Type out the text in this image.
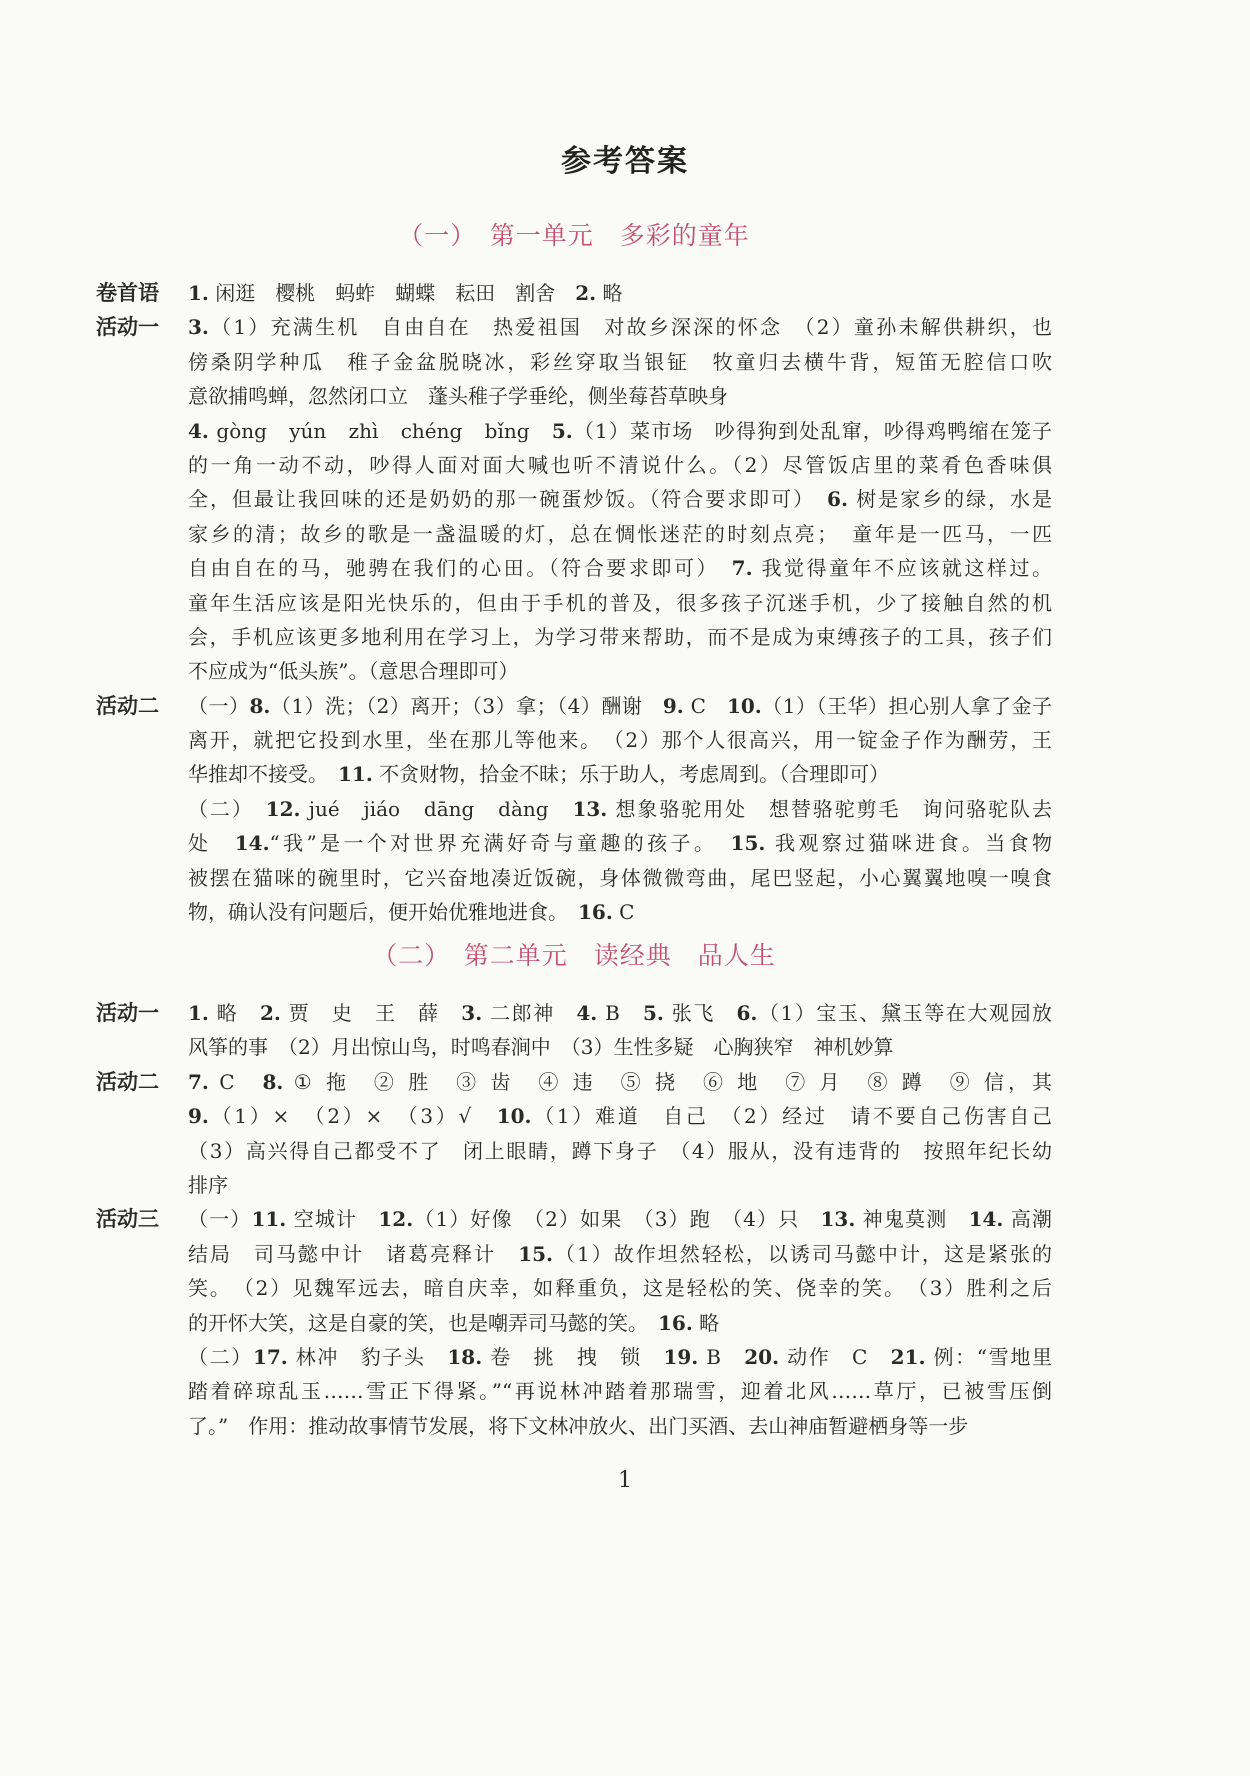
参考答案
（一）　第一单元　多彩的童年
卷首语	1. 闲逛　樱桃　蚂蚱　蝴蝶　耘田　割舍　2. 略
活动一	3.（1）充满生机　自由自在　热爱祖国　对故乡深深的怀念　（2）童孙未解供耕织，也
傍桑阴学种瓜　稚子金盆脱晓冰，彩丝穿取当银钲　牧童归去横牛背，短笛无腔信口吹
意欲捕鸣蝉，忽然闭口立　蓬头稚子学垂纶，侧坐莓苔草映身
4. gòng　yún　zhì　chéng　bǐng　5.（1）菜市场　吵得狗到处乱窜，吵得鸡鸭缩在笼子
的一角一动不动，吵得人面对面大喊也听不清说什么。（2）尽管饭店里的菜肴色香味俱
全，但最让我回味的还是奶奶的那一碗蛋炒饭。（符合要求即可）　6. 树是家乡的绿，水是
家乡的清；故乡的歌是一盏温暖的灯，总在惆怅迷茫的时刻点亮；　童年是一匹马，一匹
自由自在的马，驰骋在我们的心田。（符合要求即可）　7. 我觉得童年不应该就这样过。
童年生活应该是阳光快乐的，但由于手机的普及，很多孩子沉迷手机，少了接触自然的机
会，手机应该更多地利用在学习上，为学习带来帮助，而不是成为束缚孩子的工具，孩子们
不应成为“低头族”。（意思合理即可）
活动二	（一）8.（1）洗；（2）离开；（3）拿；（4）酬谢　9. C　10.（1）（王华）担心别人拿了金子
离开，就把它投到水里，坐在那儿等他来。　（2）那个人很高兴，用一锭金子作为酬劳，王
华推却不接受。　11. 不贪财物，拾金不昧；乐于助人，考虑周到。（合理即可）
（二）　12. jué　jiáo　dāng　dàng　13. 想象骆驼用处　想替骆驼剪毛　询问骆驼队去
处　14.“我”是一个对世界充满好奇与童趣的孩子。　15. 我观察过猫咪进食。当食物
被摆在猫咪的碗里时，它兴奋地凑近饭碗，身体微微弯曲，尾巴竖起，小心翼翼地嗅一嗅食
物，确认没有问题后，便开始优雅地进食。　16. C
（二）　第二单元　读经典　品人生
活动一	1. 略　2. 贾　史　王　薛　3. 二郎神　4. B　5. 张飞　6.（1）宝玉、黛玉等在大观园放
风筝的事　（2）月出惊山鸟，时鸣春涧中　（3）生性多疑　心胸狭窄　神机妙算
活动二	7. C　8. ① 拖　② 胜　③ 齿　④ 违　⑤ 挠　⑥ 地　⑦ 月　⑧ 蹲　⑨ 信，其
9.（1）×　（2）×　（3）√　10.（1）难道　自己　（2）经过　请不要自己伤害自己
（3）高兴得自己都受不了　闭上眼睛，蹲下身子　（4）服从，没有违背的　按照年纪长幼
排序
活动三	（一）11. 空城计　12.（1）好像　（2）如果　（3）跑　（4）只　13. 神鬼莫测　14. 高潮
结局　司马懿中计　诸葛亮释计　15.（1）故作坦然轻松，以诱司马懿中计，这是紧张的
笑。　（2）见魏军远去，暗自庆幸，如释重负，这是轻松的笑、侥幸的笑。　（3）胜利之后
的开怀大笑，这是自豪的笑，也是嘲弄司马懿的笑。　16. 略
（二）17. 林冲　豹子头　18. 卷　挑　拽　锁　19. B　20. 动作　C　21. 例：“雪地里
踏着碎琼乱玉……雪正下得紧。”“再说林冲踏着那瑞雪，迎着北风……草厅，已被雪压倒
了。”　作用：推动故事情节发展，将下文林冲放火、出门买酒、去山神庙暂避栖身等一步
1
